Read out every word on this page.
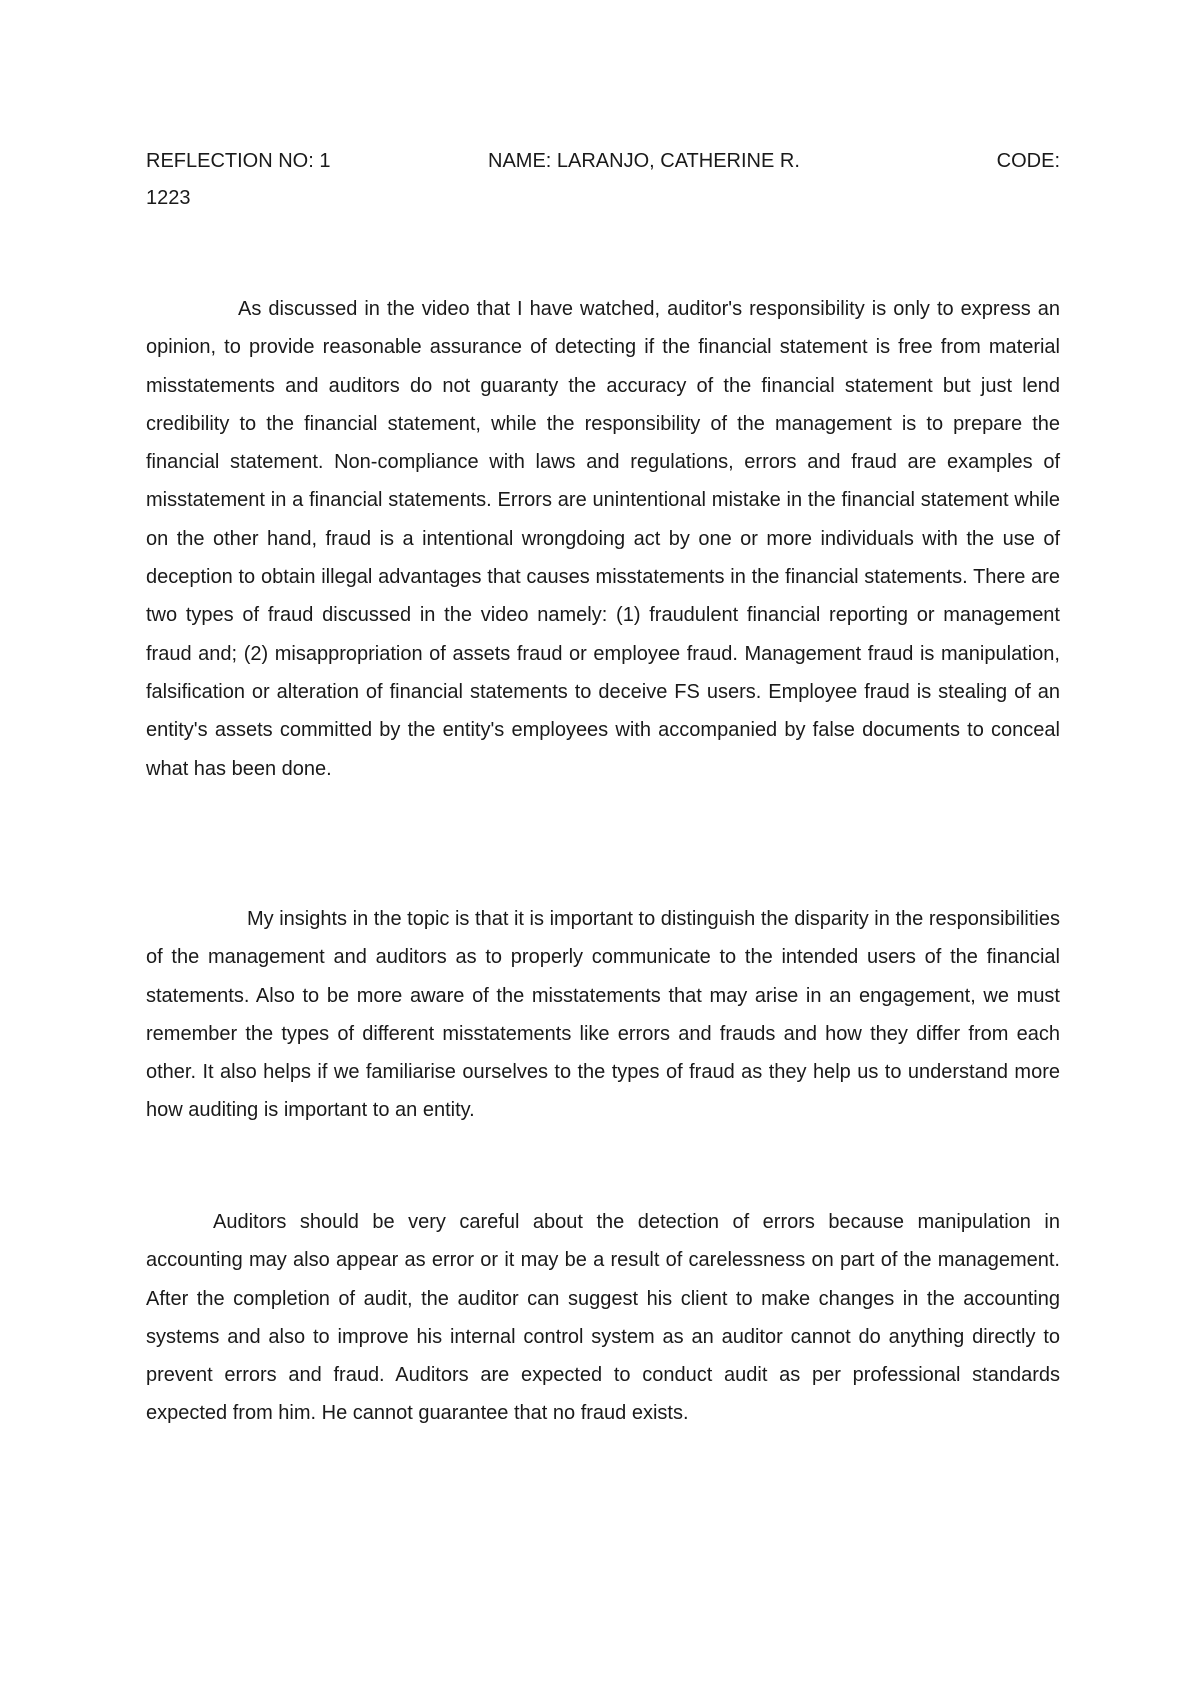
REFLECTION NO: 1	NAME: LARANJO, CATHERINE R.	CODE:
1223

As discussed in the video that I have watched, auditor's responsibility is only to express an opinion, to provide reasonable assurance of detecting if the financial statement is free from material misstatements and auditors do not guaranty the accuracy of the financial statement but just lend credibility to the financial statement, while the responsibility of the management is to prepare the financial statement. Non-compliance with laws and regulations, errors and fraud are examples of misstatement in a financial statements. Errors are unintentional mistake in the financial statement while on the other hand, fraud is a intentional wrongdoing act by one or more individuals with the use of deception to obtain illegal advantages that causes misstatements in the financial statements. There are two types of fraud discussed in the video namely: (1) fraudulent financial reporting or management fraud and; (2) misappropriation of assets fraud or employee fraud. Management fraud is manipulation, falsification or alteration of financial statements to deceive FS users. Employee fraud is stealing of an entity's assets committed by the entity's employees with accompanied by false documents to conceal what has been done.

My insights in the topic is that it is important to distinguish the disparity in the responsibilities of the management and auditors as to properly communicate to the intended users of the financial statements. Also to be more aware of the misstatements that may arise in an engagement, we must remember the types of different misstatements like errors and frauds and how they differ from each other. It also helps if we familiarise ourselves to the types of fraud as they help us to understand more how auditing is important to an entity.

Auditors should be very careful about the detection of errors because manipulation in accounting may also appear as error or it may be a result of carelessness on part of the management. After the completion of audit, the auditor can suggest his client to make changes in the accounting systems and also to improve his internal control system as an auditor cannot do anything directly to prevent errors and fraud. Auditors are expected to conduct audit as per professional standards expected from him. He cannot guarantee that no fraud exists.
